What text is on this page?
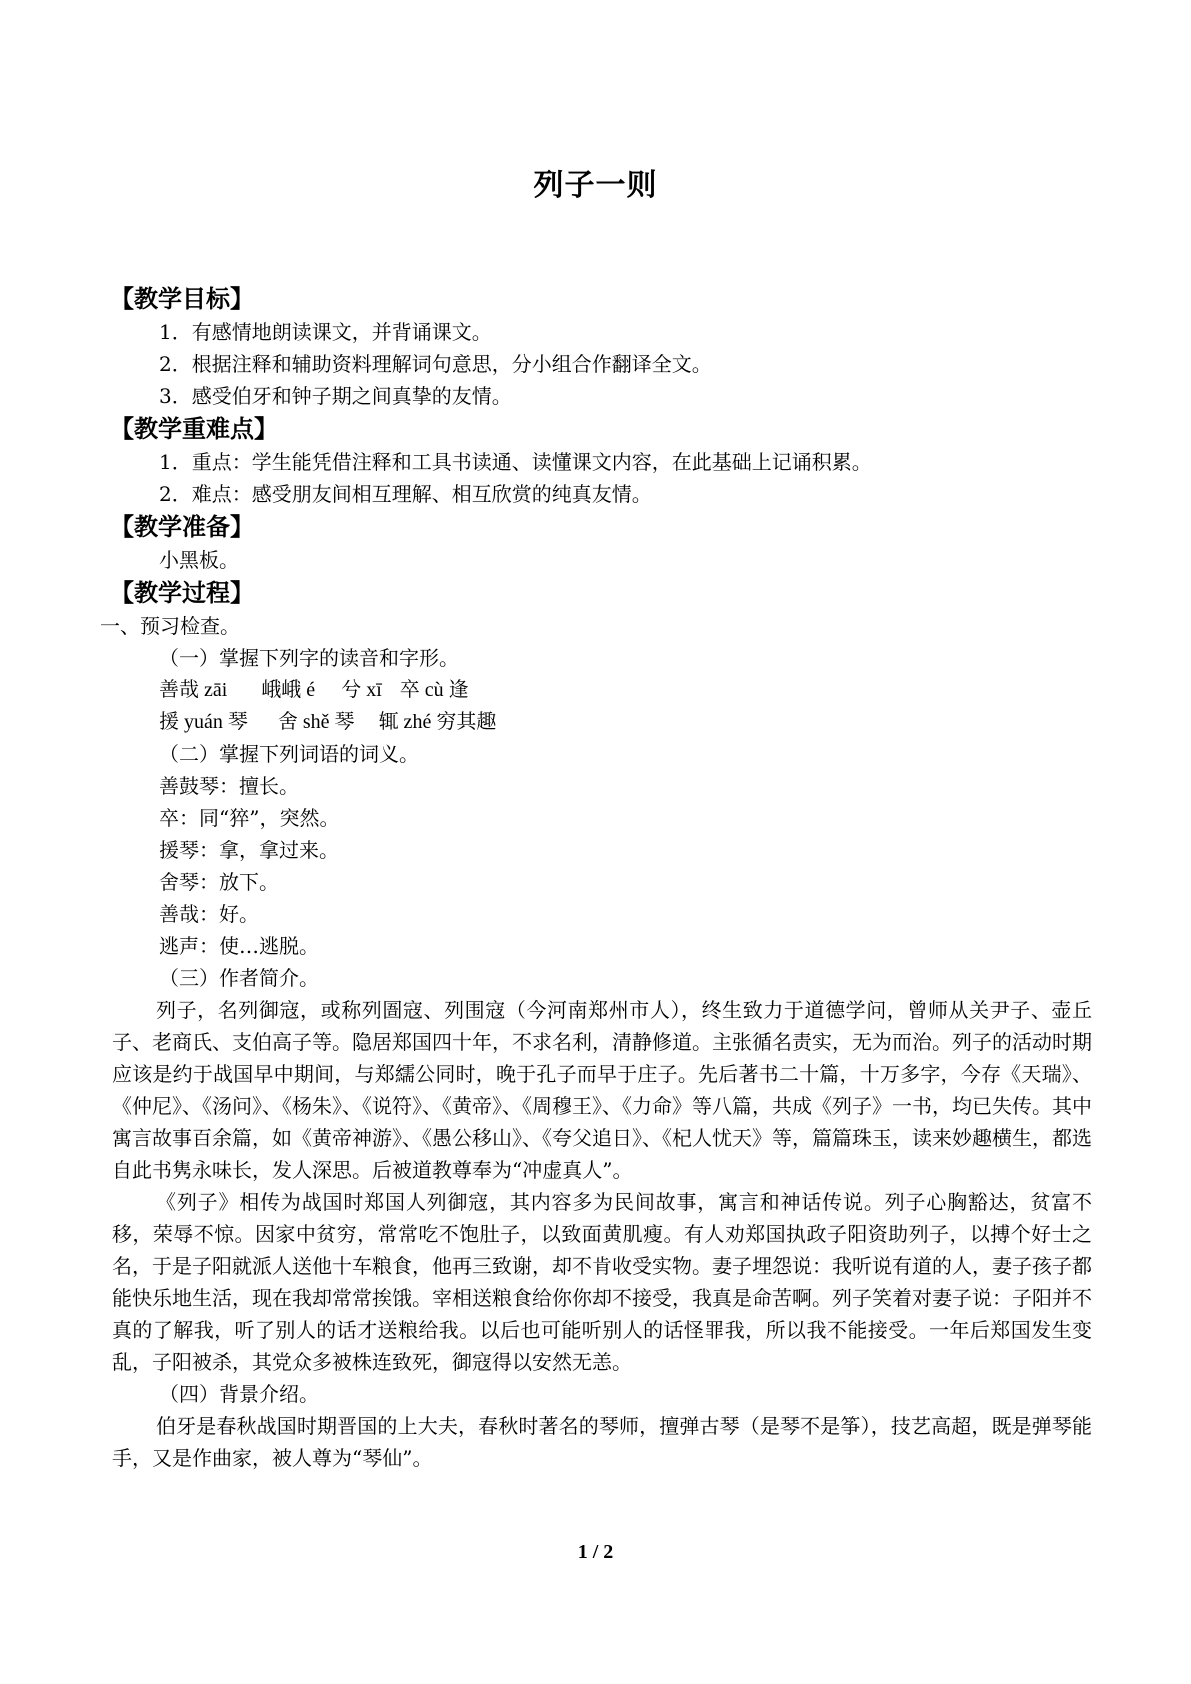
列子一则
【教学目标】
1．有感情地朗读课文，并背诵课文。
2．根据注释和辅助资料理解词句意思，分小组合作翻译全文。
3．感受伯牙和钟子期之间真挚的友情。
【教学重难点】
1．重点：学生能凭借注释和工具书读通、读懂课文内容，在此基础上记诵积累。
2．难点：感受朋友间相互理解、相互欣赏的纯真友情。
【教学准备】
小黑板。
【教学过程】
一、预习检查。
（一）掌握下列字的读音和字形。
善哉 zāi 峨峨 é 兮 xī 卒 cù 逢
援 yuán 琴 舍 shě 琴 辄 zhé 穷其趣
（二）掌握下列词语的词义。
善鼓琴：擅长。
卒：同“猝”，突然。
援琴：拿，拿过来。
舍琴：放下。
善哉：好。
逃声：使…逃脱。
（三）作者简介。

列子，名列御寇，或称列圄寇、列围寇（今河南郑州市人），终生致力于道德学问，曾师从关尹子、壶丘子、老商氏、支伯高子等。隐居郑国四十年，不求名利，清静修道。主张循名责实，无为而治。列子的活动时期应该是约于战国早中期间，与郑繻公同时，晚于孔子而早于庄子。先后著书二十篇，十万多字，今存《天瑞》、《仲尼》、《汤问》、《杨朱》、《说符》、《黄帝》、《周穆王》、《力命》等八篇，共成《列子》一书，均已失传。其中寓言故事百余篇，如《黄帝神游》、《愚公移山》、《夸父追日》、《杞人忧天》等，篇篇珠玉，读来妙趣横生，都选自此书隽永味长，发人深思。后被道教尊奉为“冲虚真人”。

《列子》相传为战国时郑国人列御寇，其内容多为民间故事，寓言和神话传说。列子心胸豁达，贫富不移，荣辱不惊。因家中贫穷，常常吃不饱肚子，以致面黄肌瘦。有人劝郑国执政子阳资助列子，以搏个好士之名，于是子阳就派人送他十车粮食，他再三致谢，却不肯收受实物。妻子埋怨说：我听说有道的人，妻子孩子都能快乐地生活，现在我却常常挨饿。宰相送粮食给你你却不接受，我真是命苦啊。列子笑着对妻子说：子阳并不真的了解我，听了别人的话才送粮给我。以后也可能听别人的话怪罪我，所以我不能接受。一年后郑国发生变乱，子阳被杀，其党众多被株连致死，御寇得以安然无恙。

（四）背景介绍。

伯牙是春秋战国时期晋国的上大夫，春秋时著名的琴师，擅弹古琴（是琴不是筝），技艺高超，既是弹琴能手，又是作曲家，被人尊为“琴仙”。

1 / 2
